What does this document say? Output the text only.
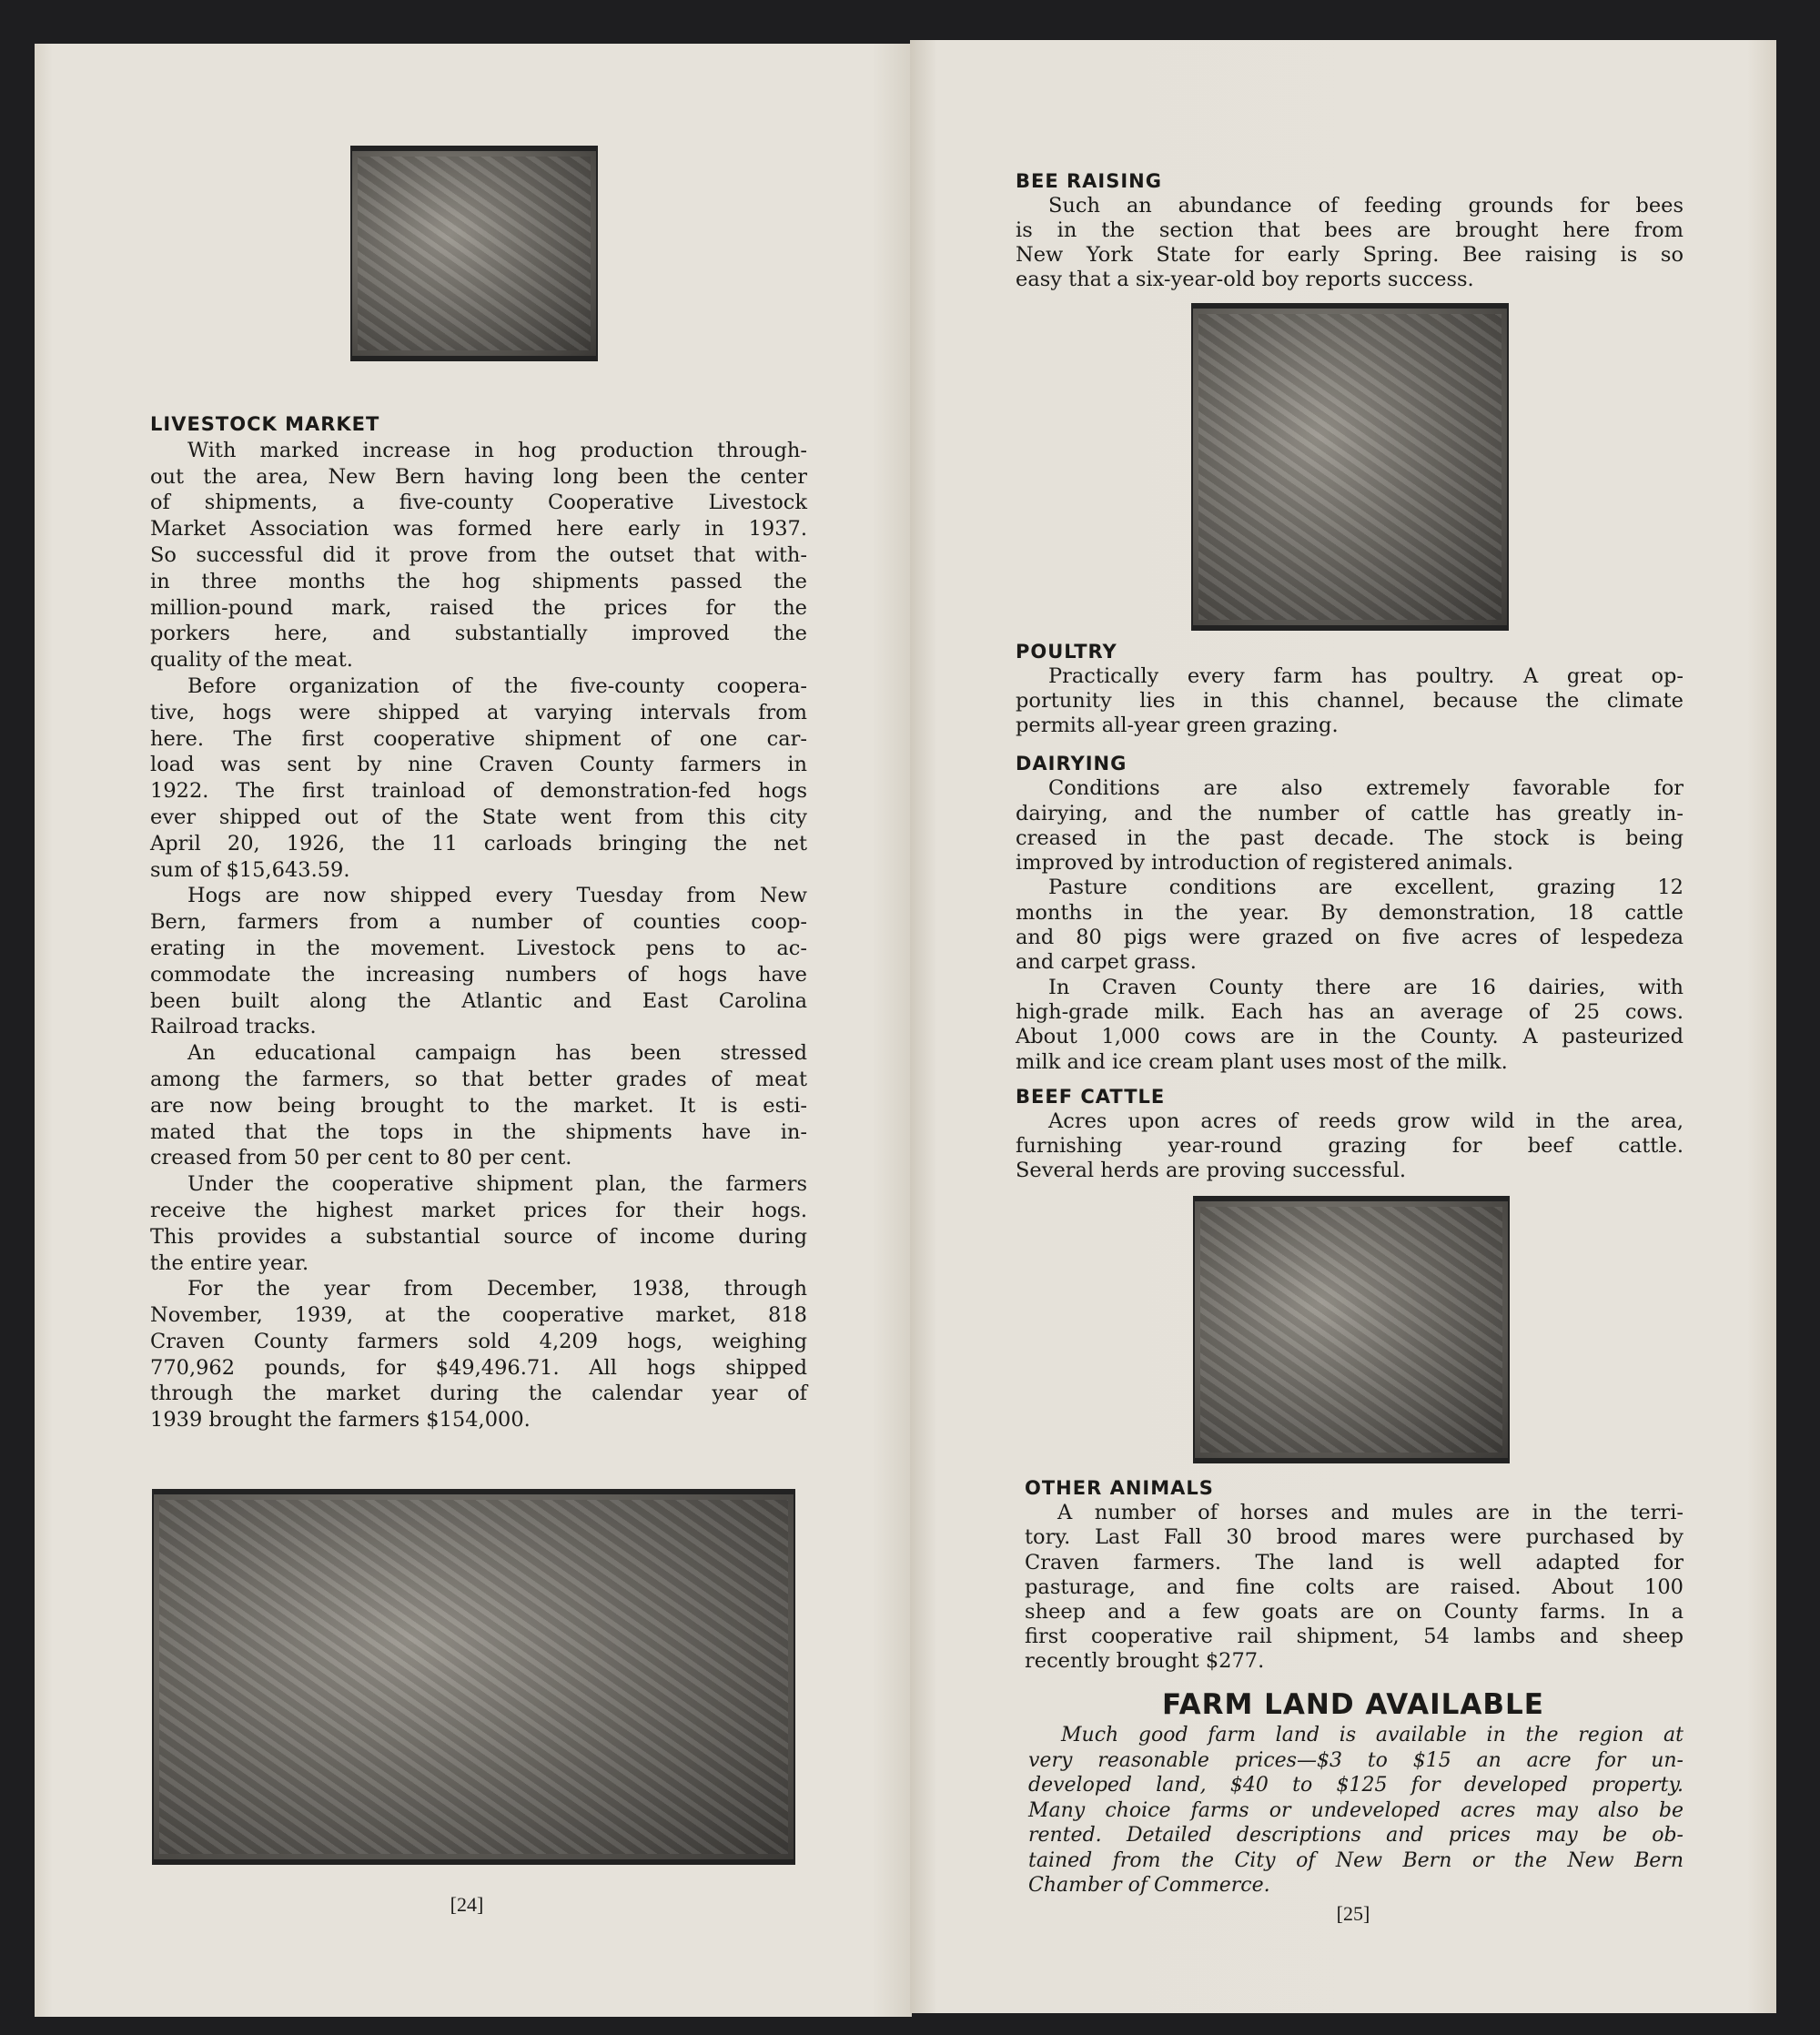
LIVESTOCK MARKET
With marked increase in hog production through-
out the area, New Bern having long been the center
of shipments, a five-county Cooperative Livestock
Market Association was formed here early in 1937.
So successful did it prove from the outset that with-
in three months the hog shipments passed the
million-pound mark, raised the prices for the
porkers here, and substantially improved the
quality of the meat.
Before organization of the five-county coopera-
tive, hogs were shipped at varying intervals from
here. The first cooperative shipment of one car-
load was sent by nine Craven County farmers in
1922. The first trainload of demonstration-fed hogs
ever shipped out of the State went from this city
April 20, 1926, the 11 carloads bringing the net
sum of $15,643.59.
Hogs are now shipped every Tuesday from New
Bern, farmers from a number of counties coop-
erating in the movement. Livestock pens to ac-
commodate the increasing numbers of hogs have
been built along the Atlantic and East Carolina
Railroad tracks.
An educational campaign has been stressed
among the farmers, so that better grades of meat
are now being brought to the market. It is esti-
mated that the tops in the shipments have in-
creased from 50 per cent to 80 per cent.
Under the cooperative shipment plan, the farmers
receive the highest market prices for their hogs.
This provides a substantial source of income during
the entire year.
For the year from December, 1938, through
November, 1939, at the cooperative market, 818
Craven County farmers sold 4,209 hogs, weighing
770,962 pounds, for $49,496.71. All hogs shipped
through the market during the calendar year of
1939 brought the farmers $154,000.
BEE RAISING
Such an abundance of feeding grounds for bees
is in the section that bees are brought here from
New York State for early Spring. Bee raising is so
easy that a six-year-old boy reports success.
POULTRY
Practically every farm has poultry. A great op-
portunity lies in this channel, because the climate
permits all-year green grazing.
DAIRYING
Conditions are also extremely favorable for
dairying, and the number of cattle has greatly in-
creased in the past decade. The stock is being
improved by introduction of registered animals.
Pasture conditions are excellent, grazing 12
months in the year. By demonstration, 18 cattle
and 80 pigs were grazed on five acres of lespedeza
and carpet grass.
In Craven County there are 16 dairies, with
high-grade milk. Each has an average of 25 cows.
About 1,000 cows are in the County. A pasteurized
milk and ice cream plant uses most of the milk.
BEEF CATTLE
Acres upon acres of reeds grow wild in the area,
furnishing year-round grazing for beef cattle.
Several herds are proving successful.
OTHER ANIMALS
A number of horses and mules are in the terri-
tory. Last Fall 30 brood mares were purchased by
Craven farmers. The land is well adapted for
pasturage, and fine colts are raised. About 100
sheep and a few goats are on County farms. In a
first cooperative rail shipment, 54 lambs and sheep
recently brought $277.
FARM LAND AVAILABLE
Much good farm land is available in the region at
very reasonable prices—$3 to $15 an acre for un-
developed land, $40 to $125 for developed property.
Many choice farms or undeveloped acres may also be
rented. Detailed descriptions and prices may be ob-
tained from the City of New Bern or the New Bern
Chamber of Commerce.
[24]	[25]
